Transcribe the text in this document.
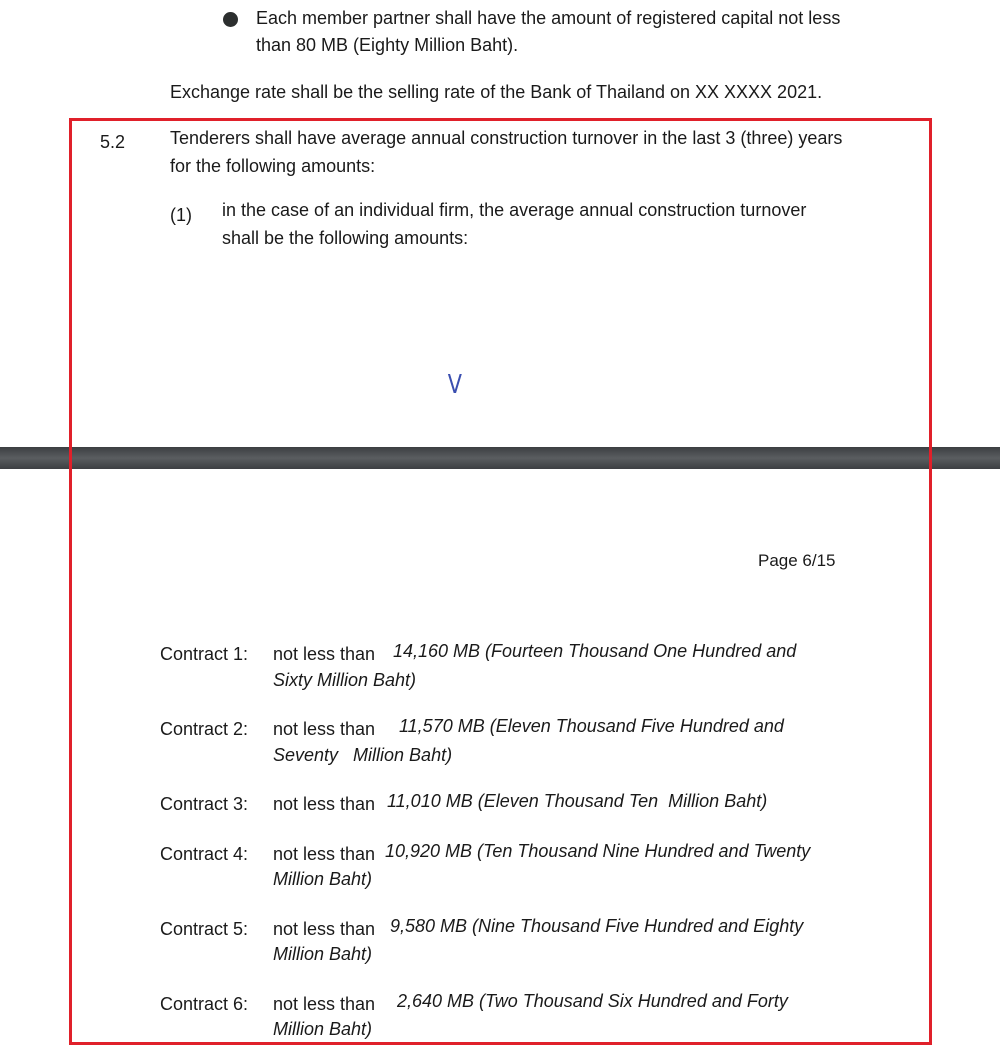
Each member partner shall have the amount of registered capital not less
than 80 MB (Eighty Million Baht).
Exchange rate shall be the selling rate of the Bank of Thailand on XX XXXX 2021.
5.2 Tenderers shall have average annual construction turnover in the last 3 (three) years
for the following amounts:
(1) in the case of an individual firm, the average annual construction turnover
shall be the following amounts:
V
Page 6/15
Contract 1: not less than 14,160 MB (Fourteen Thousand One Hundred and
Sixty Million Baht)
Contract 2: not less than 11,570 MB (Eleven Thousand Five Hundred and
Seventy   Million Baht)
Contract 3: not less than 11,010 MB (Eleven Thousand Ten  Million Baht)
Contract 4: not less than 10,920 MB (Ten Thousand Nine Hundred and Twenty
Million Baht)
Contract 5: not less than 9,580 MB (Nine Thousand Five Hundred and Eighty
Million Baht)
Contract 6: not less than 2,640 MB (Two Thousand Six Hundred and Forty
Million Baht)
